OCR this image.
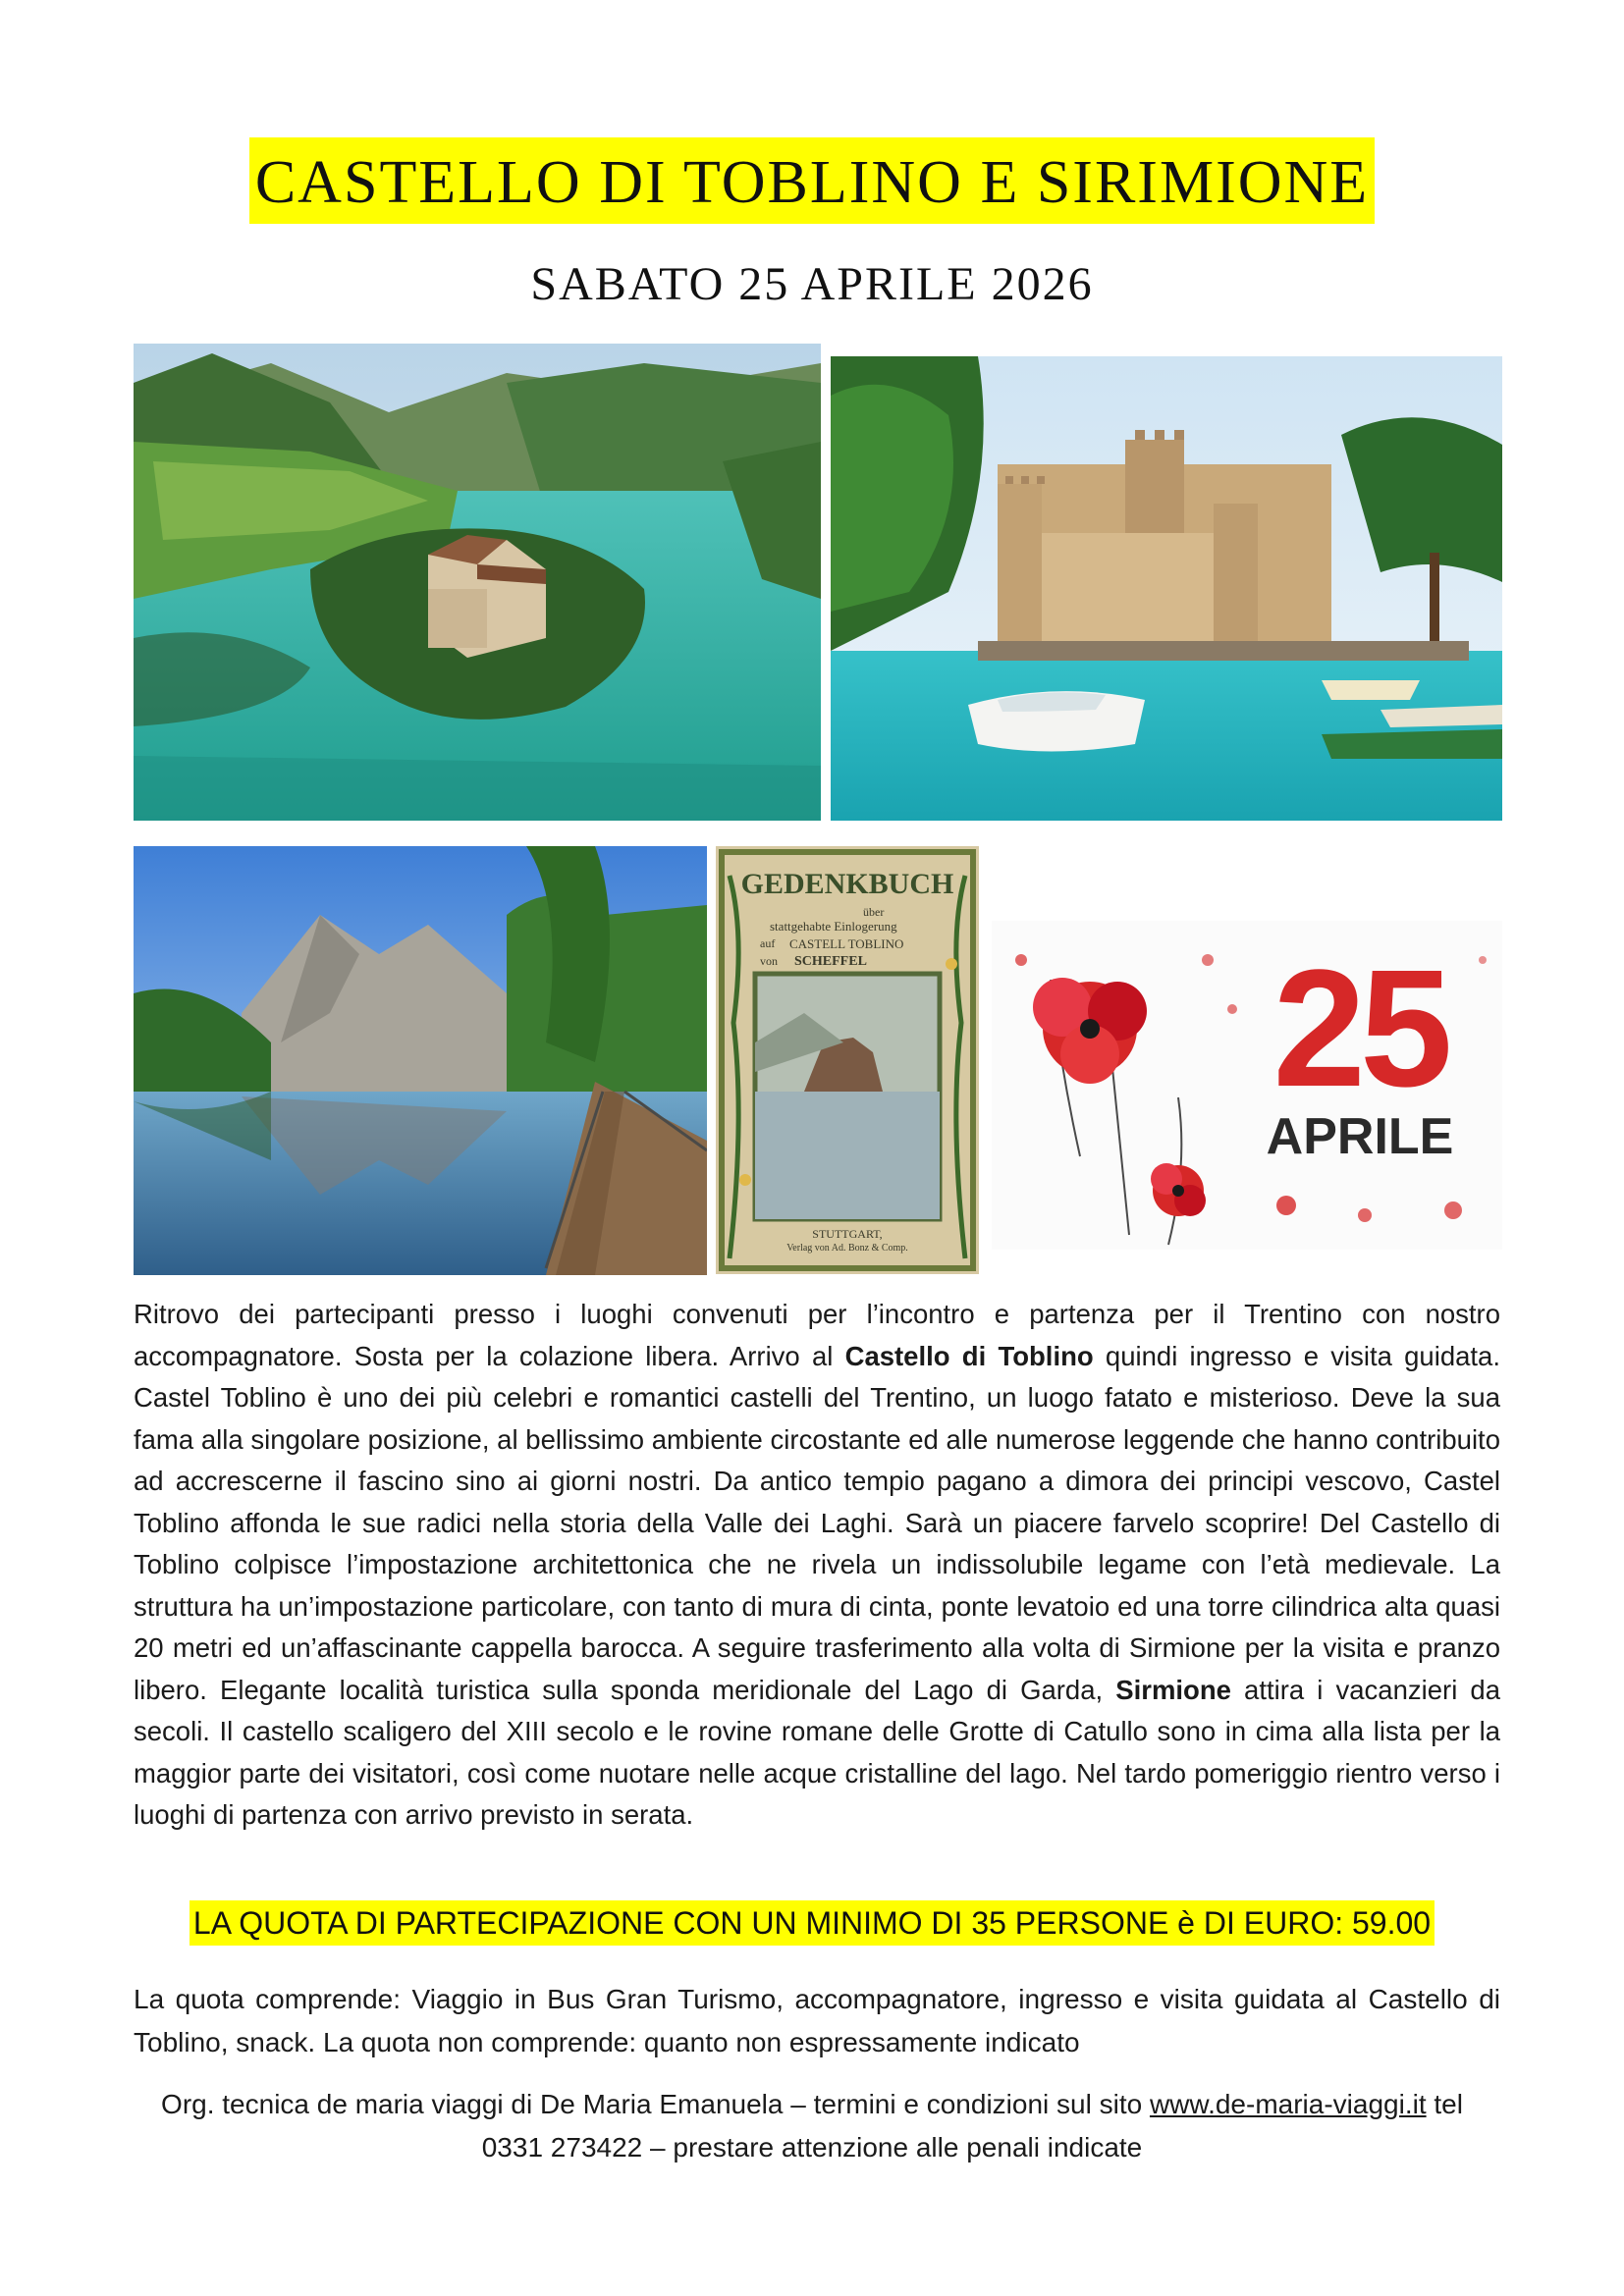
CASTELLO DI TOBLINO E SIRIMIONE
SABATO 25 APRILE 2026
GEDENKBUCH
über
stattgehabte Einlogerung
auf CASTELL TOBLINO
von SCHEFFEL
STUTTGART,
Verlag von Ad. Bonz & Comp.
25
APRILE
Ritrovo dei partecipanti presso i luoghi convenuti per l’incontro e partenza per il Trentino con nostro accompagnatore. Sosta per la colazione libera. Arrivo al Castello di Toblino quindi ingresso e visita guidata. Castel Toblino è uno dei più celebri e romantici castelli del Trentino, un luogo fatato e misterioso. Deve la sua fama alla singolare posizione, al bellissimo ambiente circostante ed alle numerose leggende che hanno contribuito ad accrescerne il fascino sino ai giorni nostri. Da antico tempio pagano a dimora dei principi vescovo, Castel Toblino affonda le sue radici nella storia della Valle dei Laghi. Sarà un piacere farvelo scoprire! Del Castello di Toblino colpisce l’impostazione architettonica che ne rivela un indissolubile legame con l’età medievale. La struttura ha un’impostazione particolare, con tanto di mura di cinta, ponte levatoio ed una torre cilindrica alta quasi 20 metri ed un’affascinante cappella barocca. A seguire trasferimento alla volta di Sirmione per la visita e pranzo libero. Elegante località turistica sulla sponda meridionale del Lago di Garda, Sirmione attira i vacanzieri da secoli. Il castello scaligero del XIII secolo e le rovine romane delle Grotte di Catullo sono in cima alla lista per la maggior parte dei visitatori, così come nuotare nelle acque cristalline del lago. Nel tardo pomeriggio rientro verso i luoghi di partenza con arrivo previsto in serata.
LA QUOTA DI PARTECIPAZIONE CON UN MINIMO DI 35 PERSONE è DI EURO: 59.00
La quota comprende: Viaggio in Bus Gran Turismo, accompagnatore, ingresso e visita guidata al Castello di Toblino, snack. La quota non comprende: quanto non espressamente indicato
Org. tecnica de maria viaggi di De Maria Emanuela – termini e condizioni sul sito www.de-maria-viaggi.it tel 0331 273422 – prestare attenzione alle penali indicate
